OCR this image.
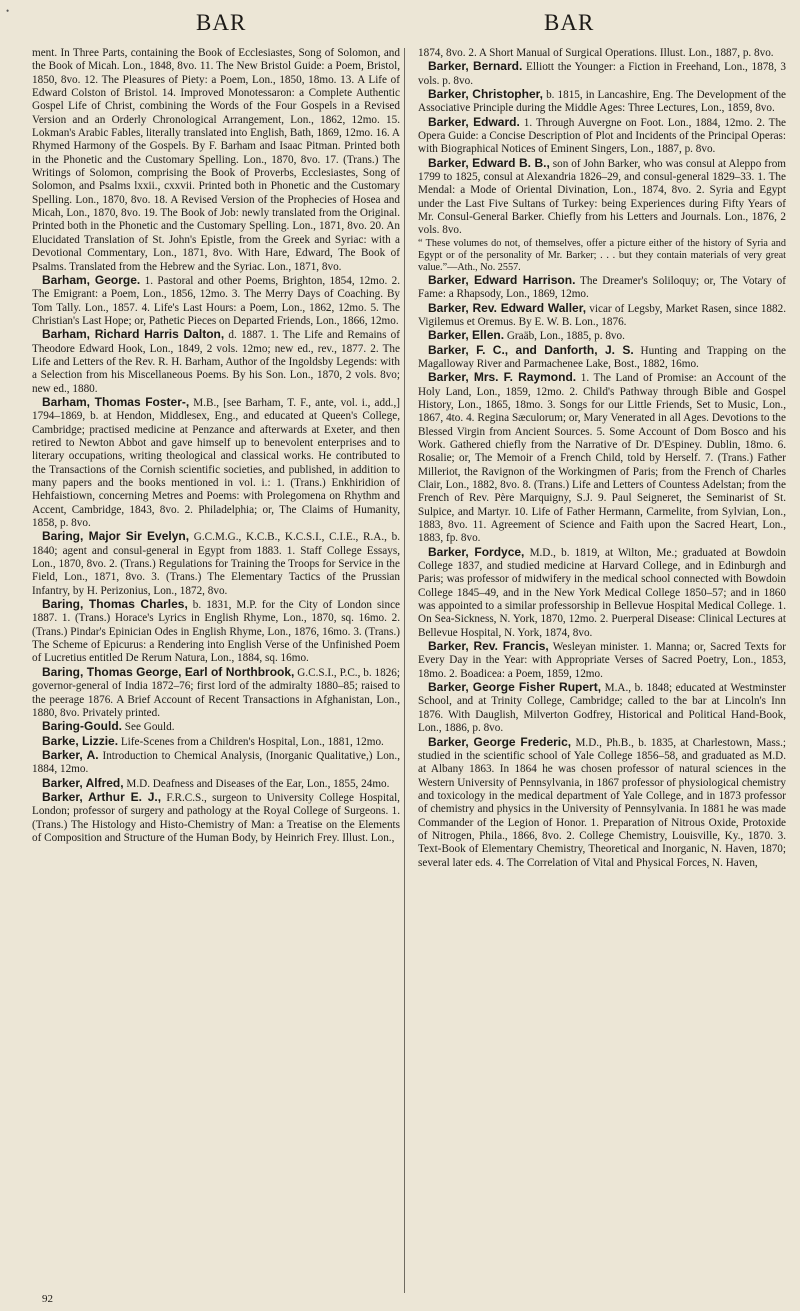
•	BAR	BAR

ment. In Three Parts, containing the Book of Ecclesiastes, Song of Solomon, and the Book of Micah. Lon., 1848, 8vo. 11. The New Bristol Guide: a Poem, Bristol, 1850, 8vo. 12. The Pleasures of Piety: a Poem, Lon., 1850, 18mo. 13. A Life of Edward Colston of Bristol. 14. Improved Monotessaron: a Complete Authentic Gospel Life of Christ, combining the Words of the Four Gospels in a Revised Version and an Orderly Chronological Arrangement, Lon., 1862, 12mo. 15. Lokman's Arabic Fables, literally translated into English, Bath, 1869, 12mo. 16. A Rhymed Harmony of the Gospels. By F. Barham and Isaac Pitman. Printed both in the Phonetic and the Customary Spelling. Lon., 1870, 8vo. 17. (Trans.) The Writings of Solomon, comprising the Book of Proverbs, Ecclesiastes, Song of Solomon, and Psalms lxxii., cxxvii. Printed both in Phonetic and the Customary Spelling. Lon., 1870, 8vo. 18. A Revised Version of the Prophecies of Hosea and Micah, Lon., 1870, 8vo. 19. The Book of Job: newly translated from the Original. Printed both in the Phonetic and the Customary Spelling. Lon., 1871, 8vo. 20. An Elucidated Translation of St. John's Epistle, from the Greek and Syriac: with a Devotional Commentary, Lon., 1871, 8vo. With Hare, Edward, The Book of Psalms. Translated from the Hebrew and the Syriac. Lon., 1871, 8vo.

Barham, George. 1. Pastoral and other Poems, Brighton, 1854, 12mo. 2. The Emigrant: a Poem, Lon., 1856, 12mo. 3. The Merry Days of Coaching. By Tom Tally. Lon., 1857. 4. Life's Last Hours: a Poem, Lon., 1862, 12mo. 5. The Christian's Last Hope; or, Pathetic Pieces on Departed Friends, Lon., 1866, 12mo.

Barham, Richard Harris Dalton, d. 1887. 1. The Life and Remains of Theodore Edward Hook, Lon., 1849, 2 vols. 12mo; new ed., rev., 1877. 2. The Life and Letters of the Rev. R. H. Barham, Author of the Ingoldsby Legends: with a Selection from his Miscellaneous Poems. By his Son. Lon., 1870, 2 vols. 8vo; new ed., 1880.

Barham, Thomas Foster-, M.B., [see Barham, T. F., ante, vol. i., add.,] 1794–1869, b. at Hendon, Middlesex, Eng., and educated at Queen's College, Cambridge; practised medicine at Penzance and afterwards at Exeter, and then retired to Newton Abbot and gave himself up to benevolent enterprises and to literary occupations, writing theological and classical works. He contributed to the Transactions of the Cornish scientific societies, and published, in addition to many papers and the books mentioned in vol. i.: 1. (Trans.) Enkhiridion of Hehfaistiown, concerning Metres and Poems: with Prolegomena on Rhythm and Accent, Cambridge, 1843, 8vo. 2. Philadelphia; or, The Claims of Humanity, 1858, p. 8vo.

Baring, Major Sir Evelyn, G.C.M.G., K.C.B., K.C.S.I., C.I.E., R.A., b. 1840; agent and consul-general in Egypt from 1883. 1. Staff College Essays, Lon., 1870, 8vo. 2. (Trans.) Regulations for Training the Troops for Service in the Field, Lon., 1871, 8vo. 3. (Trans.) The Elementary Tactics of the Prussian Infantry, by H. Perizonius, Lon., 1872, 8vo.

Baring, Thomas Charles, b. 1831, M.P. for the City of London since 1887. 1. (Trans.) Horace's Lyrics in English Rhyme, Lon., 1870, sq. 16mo. 2. (Trans.) Pindar's Epinician Odes in English Rhyme, Lon., 1876, 16mo. 3. (Trans.) The Scheme of Epicurus: a Rendering into English Verse of the Unfinished Poem of Lucretius entitled De Rerum Natura, Lon., 1884, sq. 16mo.

Baring, Thomas George, Earl of Northbrook, G.C.S.I., P.C., b. 1826; governor-general of India 1872–76; first lord of the admiralty 1880–85; raised to the peerage 1876. A Brief Account of Recent Transactions in Afghanistan, Lon., 1880, 8vo. Privately printed.

Baring-Gould. See Gould.

Barke, Lizzie. Life-Scenes from a Children's Hospital, Lon., 1881, 12mo.

Barker, A. Introduction to Chemical Analysis, (Inorganic Qualitative,) Lon., 1884, 12mo.

Barker, Alfred, M.D. Deafness and Diseases of the Ear, Lon., 1855, 24mo.

Barker, Arthur E. J., F.R.C.S., surgeon to University College Hospital, London; professor of surgery and pathology at the Royal College of Surgeons. 1. (Trans.) The Histology and Histo-Chemistry of Man: a Treatise on the Elements of Composition and Structure of the Human Body, by Heinrich Frey. Illust. Lon.,

1874, 8vo. 2. A Short Manual of Surgical Operations. Illust. Lon., 1887, p. 8vo.

Barker, Bernard. Elliott the Younger: a Fiction in Freehand, Lon., 1878, 3 vols. p. 8vo.

Barker, Christopher, b. 1815, in Lancashire, Eng. The Development of the Associative Principle during the Middle Ages: Three Lectures, Lon., 1859, 8vo.

Barker, Edward. 1. Through Auvergne on Foot. Lon., 1884, 12mo. 2. The Opera Guide: a Concise Description of Plot and Incidents of the Principal Operas: with Biographical Notices of Eminent Singers, Lon., 1887, p. 8vo.

Barker, Edward B. B., son of John Barker, who was consul at Aleppo from 1799 to 1825, consul at Alexandria 1826–29, and consul-general 1829–33. 1. The Mendal: a Mode of Oriental Divination, Lon., 1874, 8vo. 2. Syria and Egypt under the Last Five Sultans of Turkey: being Experiences during Fifty Years of Mr. Consul-General Barker. Chiefly from his Letters and Journals. Lon., 1876, 2 vols. 8vo.

“ These volumes do not, of themselves, offer a picture either of the history of Syria and Egypt or of the personality of Mr. Barker; . . . but they contain materials of very great value.”—Ath., No. 2557.

Barker, Edward Harrison. The Dreamer's Soliloquy; or, The Votary of Fame: a Rhapsody, Lon., 1869, 12mo.

Barker, Rev. Edward Waller, vicar of Legsby, Market Rasen, since 1882. Vigilemus et Oremus. By E. W. B. Lon., 1876.

Barker, Ellen. Graäb, Lon., 1885, p. 8vo.

Barker, F. C., and Danforth, J. S. Hunting and Trapping on the Magalloway River and Parmachenee Lake, Bost., 1882, 16mo.

Barker, Mrs. F. Raymond. 1. The Land of Promise: an Account of the Holy Land, Lon., 1859, 12mo. 2. Child's Pathway through Bible and Gospel History, Lon., 1865, 18mo. 3. Songs for our Little Friends, Set to Music, Lon., 1867, 4to. 4. Regina Sæculorum; or, Mary Venerated in all Ages. Devotions to the Blessed Virgin from Ancient Sources. 5. Some Account of Dom Bosco and his Work. Gathered chiefly from the Narrative of Dr. D'Espiney. Dublin, 18mo. 6. Rosalie; or, The Memoir of a French Child, told by Herself. 7. (Trans.) Father Milleriot, the Ravignon of the Workingmen of Paris; from the French of Charles Clair, Lon., 1882, 8vo. 8. (Trans.) Life and Letters of Countess Adelstan; from the French of Rev. Père Marquigny, S.J. 9. Paul Seigneret, the Seminarist of St. Sulpice, and Martyr. 10. Life of Father Hermann, Carmelite, from Sylvian, Lon., 1883, 8vo. 11. Agreement of Science and Faith upon the Sacred Heart, Lon., 1883, fp. 8vo.

Barker, Fordyce, M.D., b. 1819, at Wilton, Me.; graduated at Bowdoin College 1837, and studied medicine at Harvard College, and in Edinburgh and Paris; was professor of midwifery in the medical school connected with Bowdoin College 1845–49, and in the New York Medical College 1850–57; and in 1860 was appointed to a similar professorship in Bellevue Hospital Medical College. 1. On Sea-Sickness, N. York, 1870, 12mo. 2. Puerperal Disease: Clinical Lectures at Bellevue Hospital, N. York, 1874, 8vo.

Barker, Rev. Francis, Wesleyan minister. 1. Manna; or, Sacred Texts for Every Day in the Year: with Appropriate Verses of Sacred Poetry, Lon., 1853, 18mo. 2. Boadicea: a Poem, 1859, 12mo.

Barker, George Fisher Rupert, M.A., b. 1848; educated at Westminster School, and at Trinity College, Cambridge; called to the bar at Lincoln's Inn 1876. With Dauglish, Milverton Godfrey, Historical and Political Hand-Book, Lon., 1886, p. 8vo.

Barker, George Frederic, M.D., Ph.B., b. 1835, at Charlestown, Mass.; studied in the scientific school of Yale College 1856–58, and graduated as M.D. at Albany 1863. In 1864 he was chosen professor of natural sciences in the Western University of Pennsylvania, in 1867 professor of physiological chemistry and toxicology in the medical department of Yale College, and in 1873 professor of chemistry and physics in the University of Pennsylvania. In 1881 he was made Commander of the Legion of Honor. 1. Preparation of Nitrous Oxide, Protoxide of Nitrogen, Phila., 1866, 8vo. 2. College Chemistry, Louisville, Ky., 1870. 3. Text-Book of Elementary Chemistry, Theoretical and Inorganic, N. Haven, 1870; several later eds. 4. The Correlation of Vital and Physical Forces, N. Haven,

92
